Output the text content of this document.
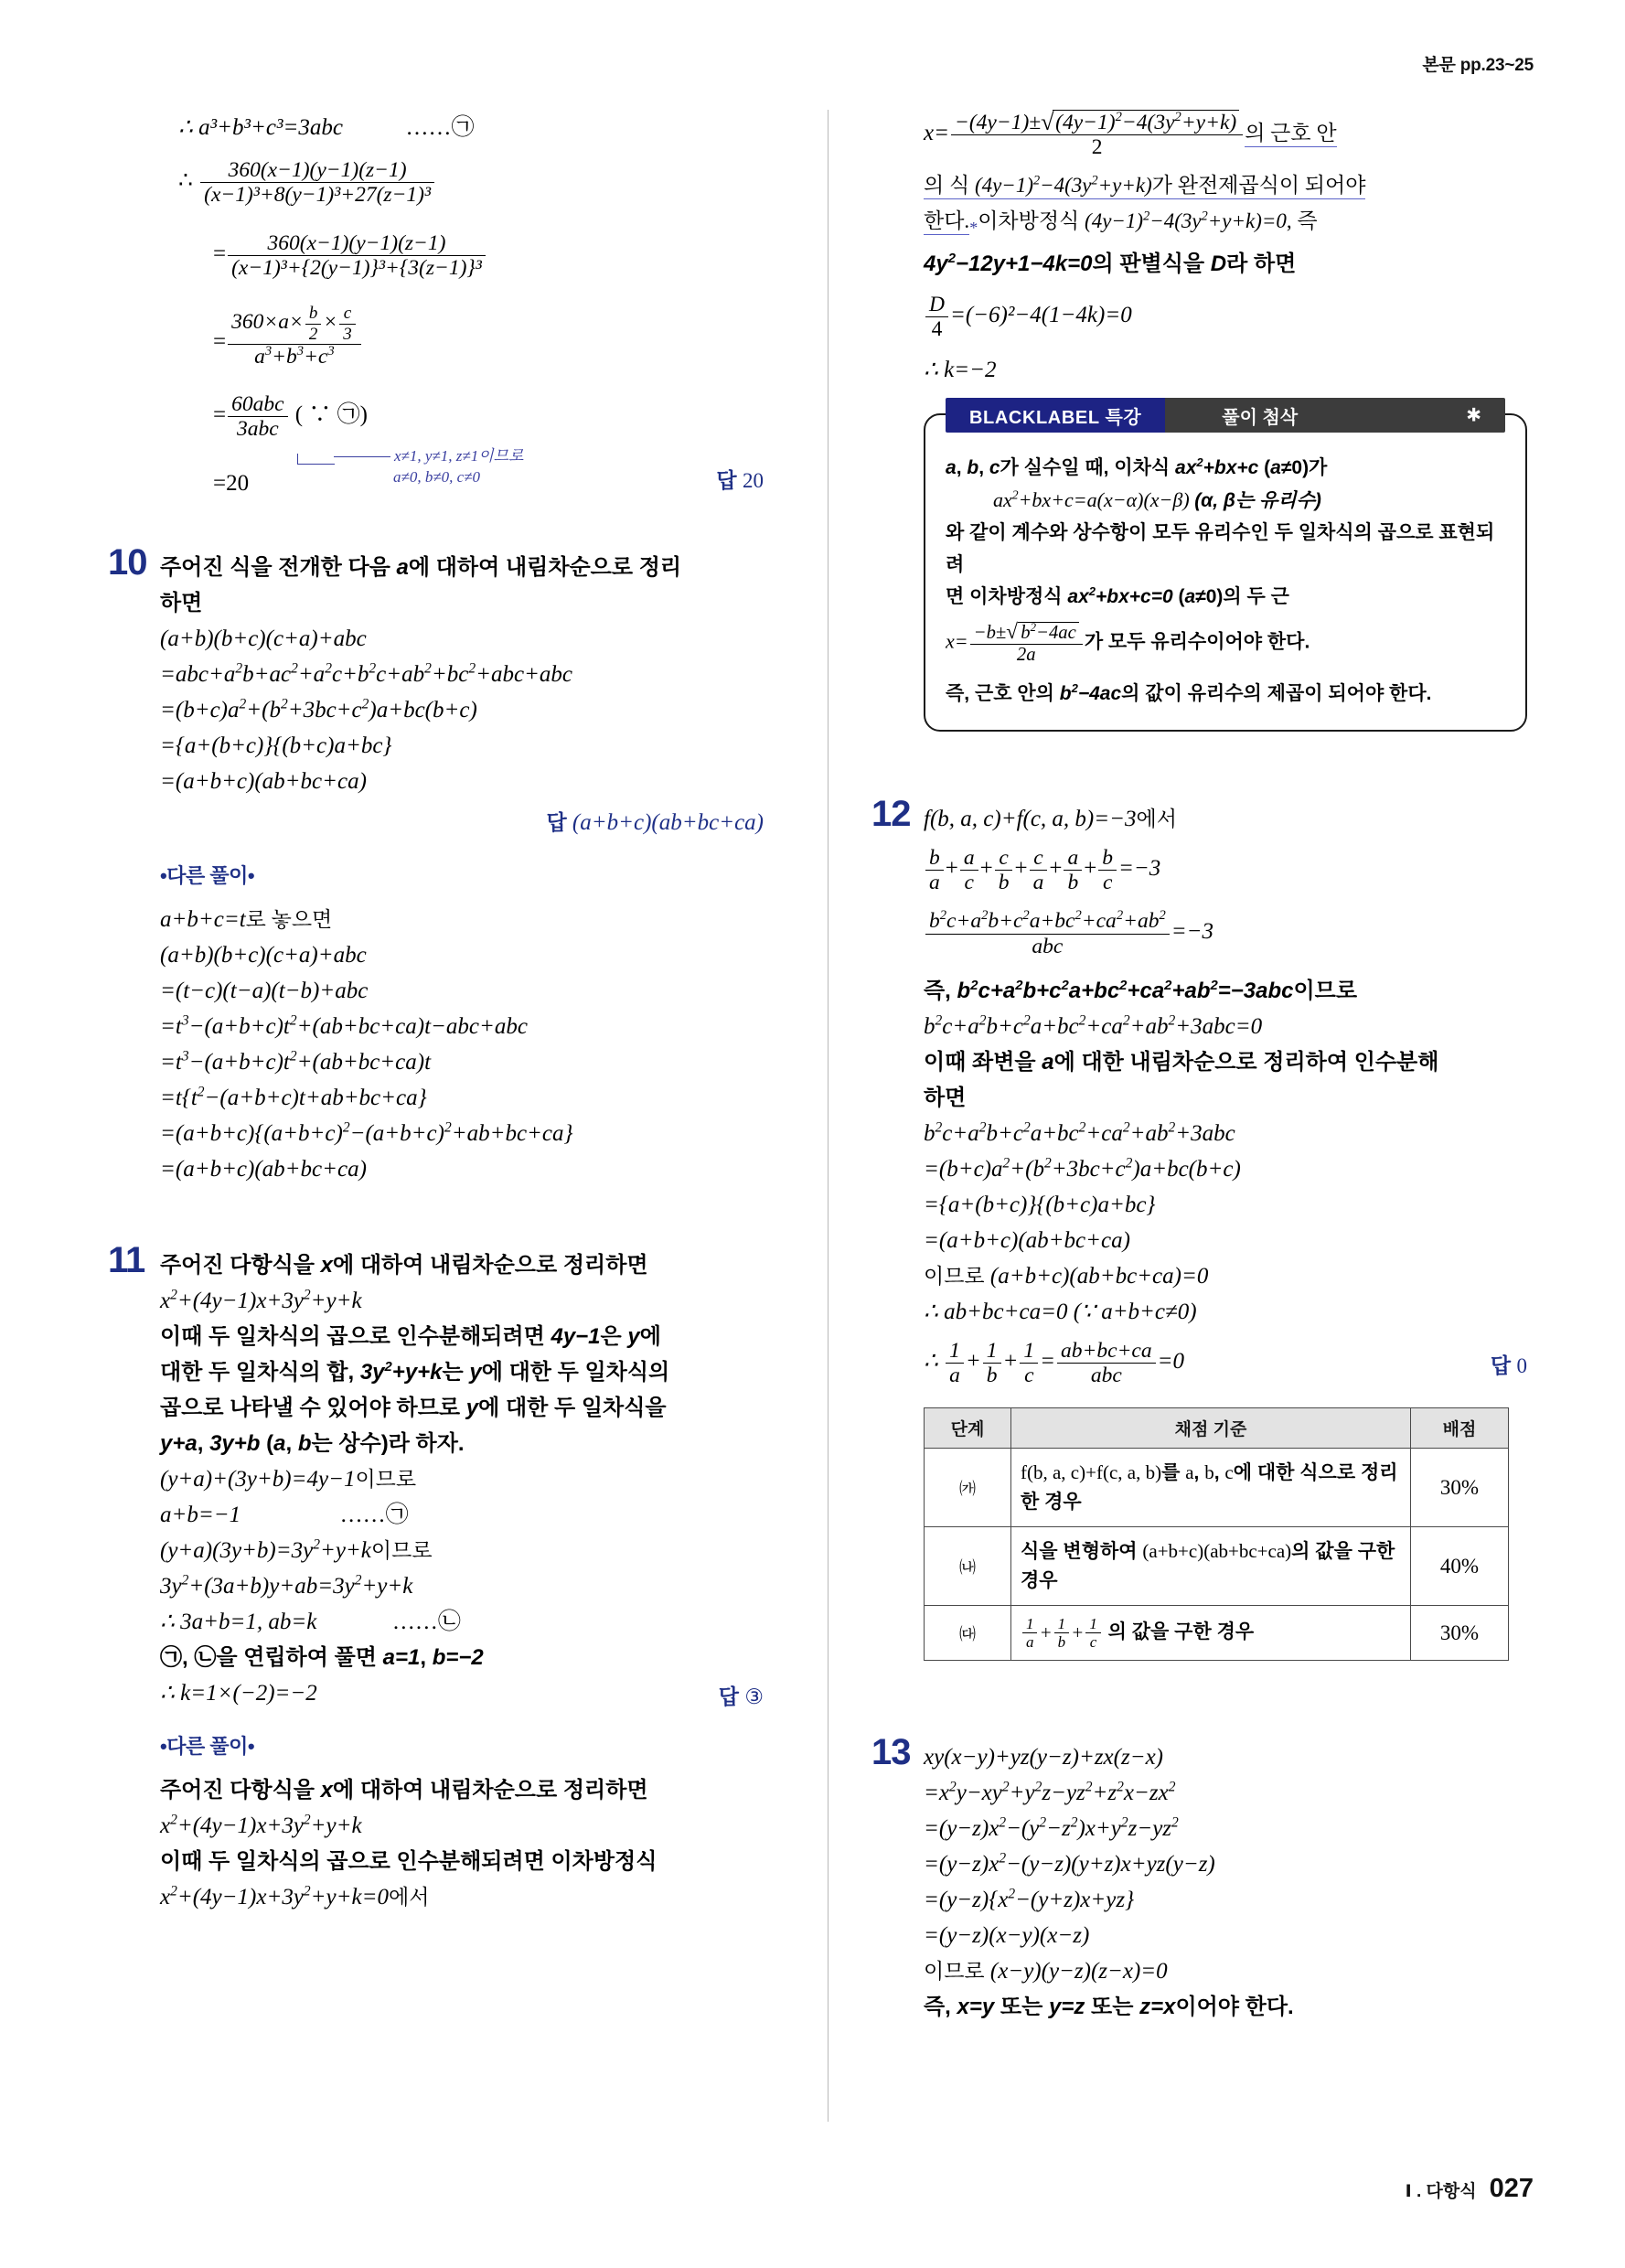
본문 pp.23~25
∴ a³+b³+c³=3abc	……㉠
∴ $\frac{360(x-1)(y-1)(z-1)}{\text{(x−1)³+8(y−1)³+27(z−1)³}}$
= $\frac{360(x-1)(y-1)(z-1)}{\text{(x−1)³+\{2(y−1)\}³+\{3(z−1)\}³}}$
= $\frac{360\times a\times \frac{b}{2} \times \frac{c}{3}}{a^3+b^3+c^3}$
= $\frac{\text{60abc}}{\text{3abc}}$ ( ∵ ㉠)
=20
x≠1, y≠1, z≠1이므로
a≠0, b≠0, c≠0	답 20
10 주어진 식을 전개한 다음 a에 대하여 내림차순으로 정리
하면
(a+b)(b+c)(c+a)+abc
$=abc+a^2b+ac^2+a^2c+b^2c+ab^2+bc^2+abc+abc$
$=(b+c)a^2+(b^2+3bc+c^2)a+bc(b+c)$
={a+(b+c)}{(b+c)a+bc}
=(a+b+c)(ab+bc+ca)
답 (a+b+c)(ab+bc+ca)
•다른 풀이•
a+b+c=t로 놓으면
(a+b)(b+c)(c+a)+abc
=(t−c)(t−a)(t−b)+abc
$=t^3-(a+b+c)t^2+(ab+bc+ca)t-abc+abc$
$=t^3-(a+b+c)t^2+(ab+bc+ca)t$
$=t\{t^2-(a+b+c)t+ab+bc+ca\}$
$=(a+b+c)\{(a+b+c)^2-(a+b+c)^2+ab+bc+ca\}$
=(a+b+c)(ab+bc+ca)
11 주어진 다항식을 x에 대하여 내림차순으로 정리하면
$x^2+(4y-1)x+3y^2+y+k$
이때 두 일차식의 곱으로 인수분해되려면 4y−1은 y에
대한 두 일차식의 합, $3y^2+y+k$는 y에 대한 두 일차식의
곱으로 나타낼 수 있어야 하므로 y에 대한 두 일차식을
y+a, 3y+b (a, b는 상수)라 하자.
(y+a)+(3y+b)=4y−1이므로
a+b=−1	……㉠
$(y+a)(3y+b)=3y^2+y+k$이므로
$3y^2+(3a+b)y+ab=3y^2+y+k$
∴ 3a+b=1, ab=k	……㉡
㉠, ㉡을 연립하여 풀면 a=1, b=−2
∴ k=1×(−2)=−2	답 ③
•다른 풀이•
주어진 다항식을 x에 대하여 내림차순으로 정리하면
$x^2+(4y-1)x+3y^2+y+k$
이때 두 일차식의 곱으로 인수분해되려면 이차방정식
$x^2+(4y-1)x+3y^2+y+k=0$에서
$x= \frac{-(4y-1)\pm √ (4y-1)^2-4(3y^2+y+k)}{2}$ 의 근호 안
의 식 $(4y-1)^2-4(3y^2+y+k)$가 완전제곱식이 되어야
한다$._*$이차방정식 $(4y-1)^2-4(3y^2+y+k)=0$, 즉
$4y^2-12y+1-4k=0$의 판별식을 D라 하면
$\frac{D}{4} =(-6)^2-4(1-4k)=0$
∴ k=−2
BLACKLABEL 특강	풀이 첨삭	✱
a, b, c가 실수일 때, 이차식 $ax^2+bx+c$ (a≠0)가
$ax^2+bx+c=a(x-\alpha)(x-\beta)$ (α, β는 유리수)
와 같이 계수와 상수항이 모두 유리수인 두 일차식의 곱으로 표현되려
면 이차방정식 $ax^2+bx+c=0$ (a≠0)의 두 근
$x= \frac{-b\pm √ b^2-4ac}{2a}$ 가 모두 유리수이어야 한다.
즉, 근호 안의 $b^2-4ac$의 값이 유리수의 제곱이 되어야 한다.
12 f(b, a, c)+f(c, a, b)=−3에서
$\frac{b}{a} + \frac{a}{c} + \frac{c}{b} + \frac{c}{a} + \frac{a}{b} + \frac{b}{c} =-3$
$\frac{b^2c+a^2b+c^2a+bc^2+ca^2+ab^2}{\text{abc}} =-3$
즉, $b^2c+a^2b+c^2a+bc^2+ca^2+ab^2=-3abc$이므로
$b^2c+a^2b+c^2a+bc^2+ca^2+ab^2+3abc=0$
이때 좌변을 a에 대한 내림차순으로 정리하여 인수분해
하면
$b^2c+a^2b+c^2a+bc^2+ca^2+ab^2+3abc$
$=(b+c)a^2+(b^2+3bc+c^2)a+bc(b+c)$
={a+(b+c)}{(b+c)a+bc}
=(a+b+c)(ab+bc+ca)
이므로 (a+b+c)(ab+bc+ca)=0
∴ ab+bc+ca=0 (∵ a+b+c≠0)
∴ $\frac{1}{a} + \frac{1}{b} + \frac{1}{c} = \frac{ab+bc+ca}{\text{abc}} =0$	답 0
단계	채점 기준	배점
㈎	f(b, a, c)+f(c, a, b)를 a, b, c에 대한 식으로 정리한 경우	30%
㈏	식을 변형하여 (a+b+c)(ab+bc+ca)의 값을 구한 경우	40%
㈐	$\frac{1}{a} + \frac{1}{b} + \frac{1}{c}$ 의 값을 구한 경우	30%
13 xy(x−y)+yz(y−z)+zx(z−x)
$=x^2y-xy^2+y^2z-yz^2+z^2x-zx^2$
$=(y-z)x^2-(y^2-z^2)x+y^2z-yz^2$
$=(y-z)x^2-(y-z)(y+z)x+yz(y-z)$
$=(y-z)\{x^2-(y+z)x+yz\}$
=(y−z)(x−y)(x−z)
이므로 (x−y)(y−z)(z−x)=0
즉, x=y 또는 y=z 또는 z=x이어야 한다.
Ⅰ . 다항식 027
